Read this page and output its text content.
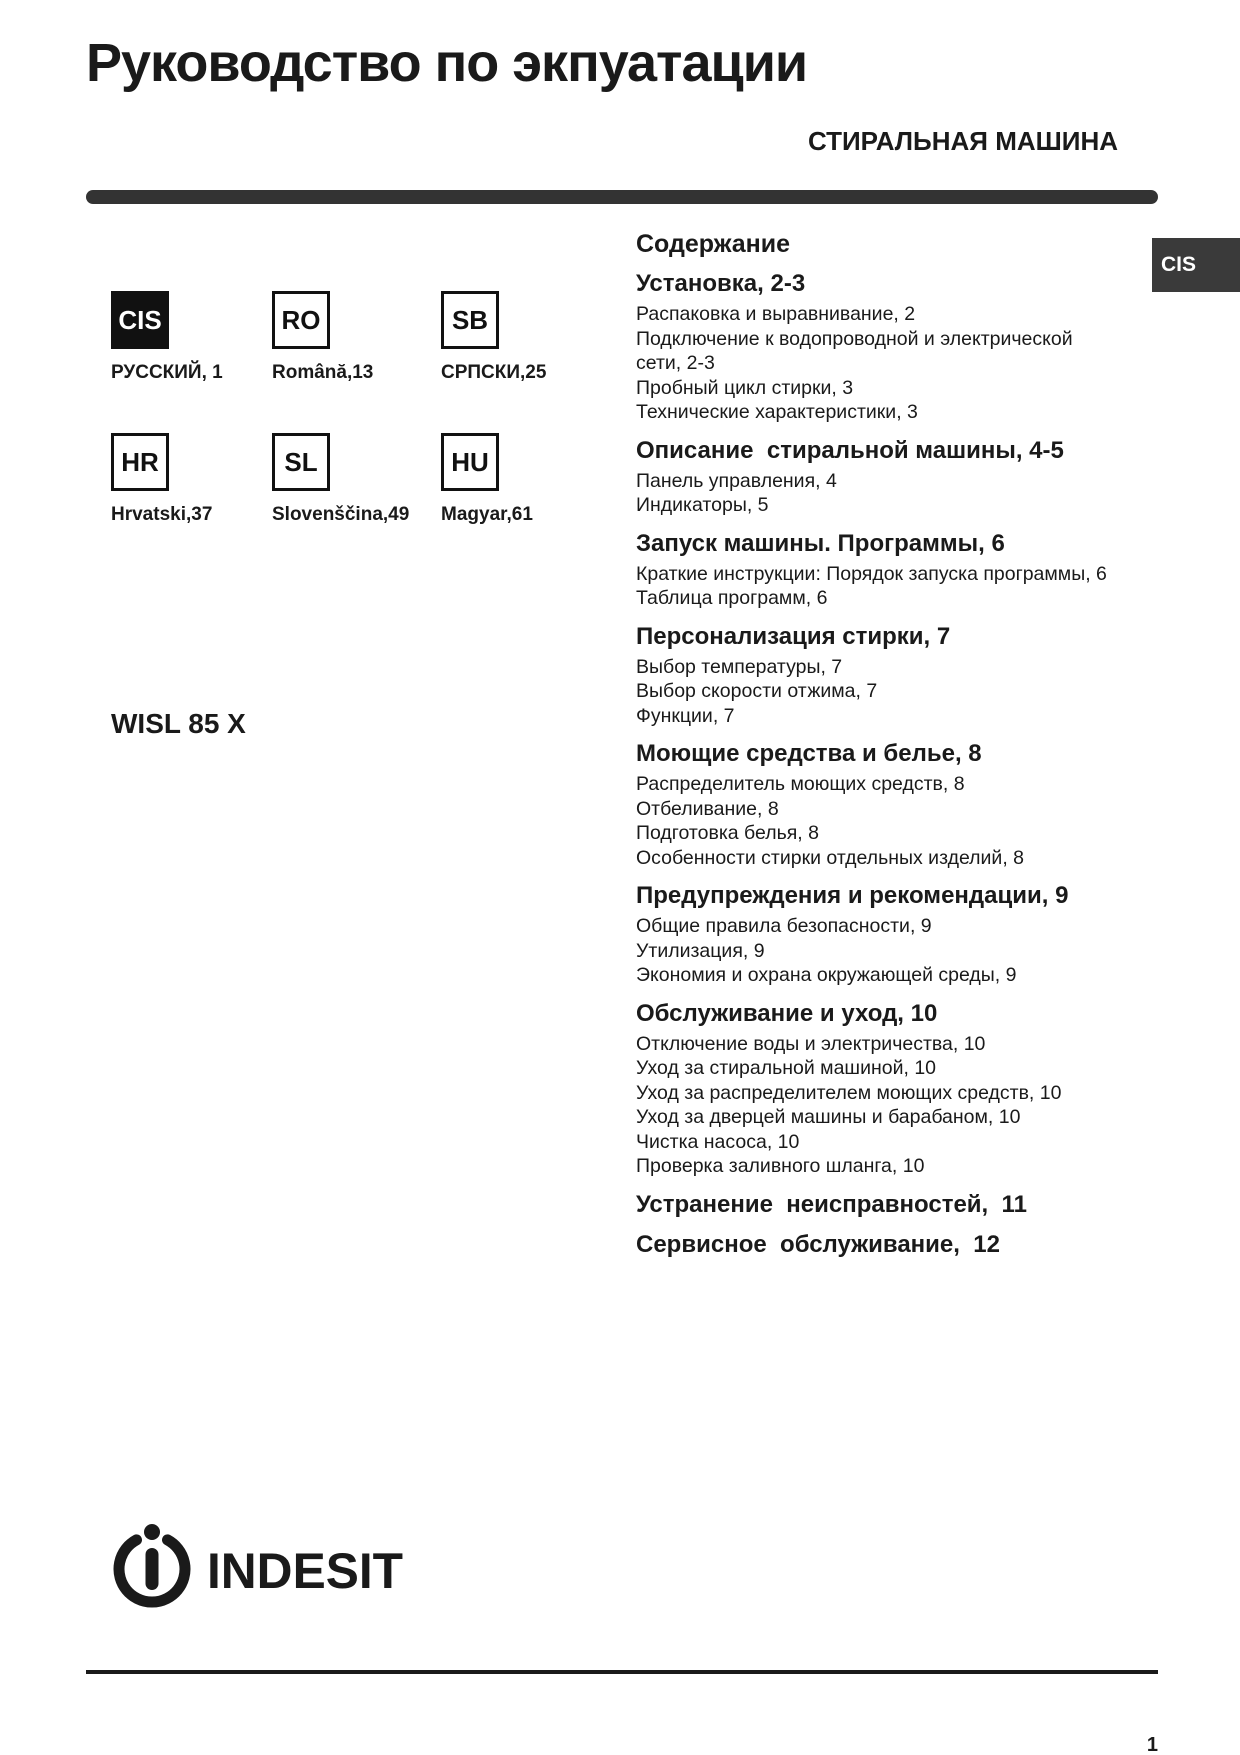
Руководство по экпуатации
СТИРАЛЬНАЯ МАШИНА
CIS
CIS
РУССКИЙ, 1
RO
Română,13
SB
СРПСКИ,25
HR
Hrvatski,37
SL
Slovenščina,49
HU
Magyar,61

WISL 85 X

Содержание
Установка, 2-3
Распаковка и выравнивание, 2
Подключение к водопроводной и электрической сети, 2-3
Пробный цикл стирки, 3
Технические характеристики, 3
Описание  стиральной машины, 4-5
Панель управления, 4
Индикаторы, 5
Запуск машины. Программы, 6
Краткие инструкции: Порядок запуска программы, 6
Таблица программ, 6
Персонализация стирки, 7
Выбор температуры, 7
Выбор скорости отжима, 7
Функции, 7
Моющие средства и белье, 8
Распределитель моющих средств, 8
Отбеливание, 8
Подготовка белья, 8
Особенности стирки отдельных изделий, 8
Предупреждения и рекомендации, 9
Общие правила безопасности, 9
Утилизация, 9
Экономия и охрана окружающей среды, 9
Обслуживание и уход, 10
Отключение воды и электричества, 10
Уход за стиральной машиной, 10
Уход за распределителем моющих средств, 10
Уход за дверцей машины и барабаном, 10
Чистка насоса, 10
Проверка заливного шланга, 10
Устранение  неисправностей,  11
Сервисное  обслуживание,  12
INDESIT
1
